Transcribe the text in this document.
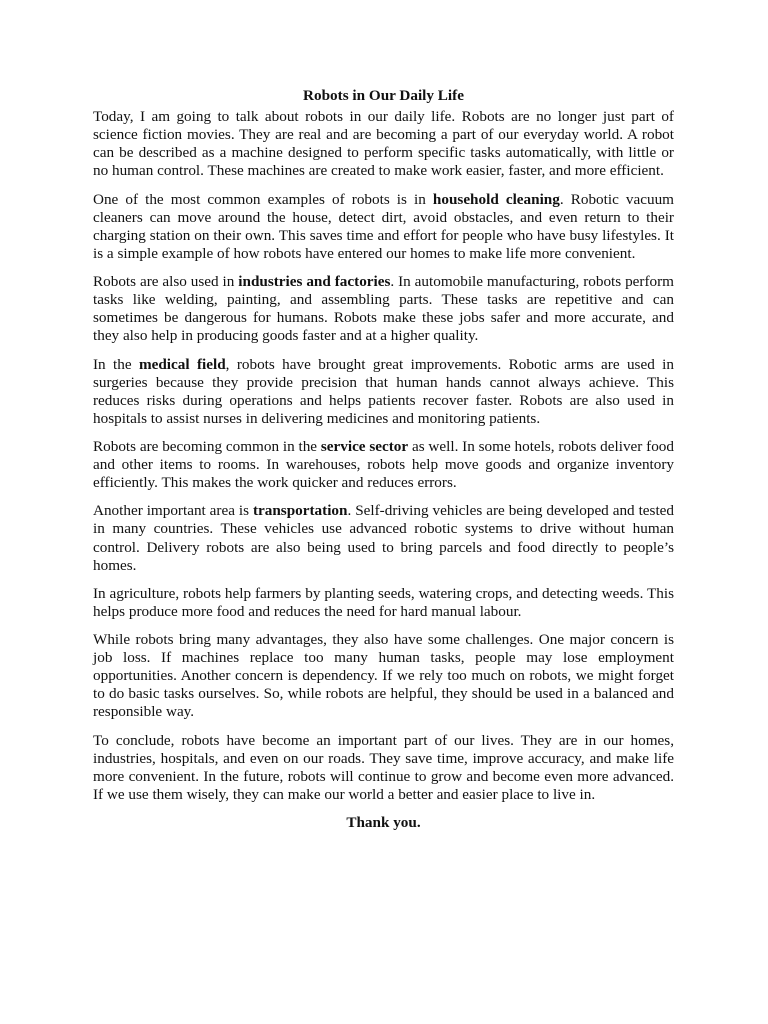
Robots in Our Daily Life

Today, I am going to talk about robots in our daily life. Robots are no longer just part of science fiction movies. They are real and are becoming a part of our everyday world. A robot can be described as a machine designed to perform specific tasks automatically, with little or no human control. These machines are created to make work easier, faster, and more efficient.

One of the most common examples of robots is in household cleaning. Robotic vacuum cleaners can move around the house, detect dirt, avoid obstacles, and even return to their charging station on their own. This saves time and effort for people who have busy lifestyles. It is a simple example of how robots have entered our homes to make life more convenient.

Robots are also used in industries and factories. In automobile manufacturing, robots perform tasks like welding, painting, and assembling parts. These tasks are repetitive and can sometimes be dangerous for humans. Robots make these jobs safer and more accurate, and they also help in producing goods faster and at a higher quality.

In the medical field, robots have brought great improvements. Robotic arms are used in surgeries because they provide precision that human hands cannot always achieve. This reduces risks during operations and helps patients recover faster. Robots are also used in hospitals to assist nurses in delivering medicines and monitoring patients.

Robots are becoming common in the service sector as well. In some hotels, robots deliver food and other items to rooms. In warehouses, robots help move goods and organize inventory efficiently. This makes the work quicker and reduces errors.

Another important area is transportation. Self-driving vehicles are being developed and tested in many countries. These vehicles use advanced robotic systems to drive without human control. Delivery robots are also being used to bring parcels and food directly to people’s homes.

In agriculture, robots help farmers by planting seeds, watering crops, and detecting weeds. This helps produce more food and reduces the need for hard manual labour.

While robots bring many advantages, they also have some challenges. One major concern is job loss. If machines replace too many human tasks, people may lose employment opportunities. Another concern is dependency. If we rely too much on robots, we might forget to do basic tasks ourselves. So, while robots are helpful, they should be used in a balanced and responsible way.

To conclude, robots have become an important part of our lives. They are in our homes, industries, hospitals, and even on our roads. They save time, improve accuracy, and make life more convenient. In the future, robots will continue to grow and become even more advanced. If we use them wisely, they can make our world a better and easier place to live in.

Thank you.
